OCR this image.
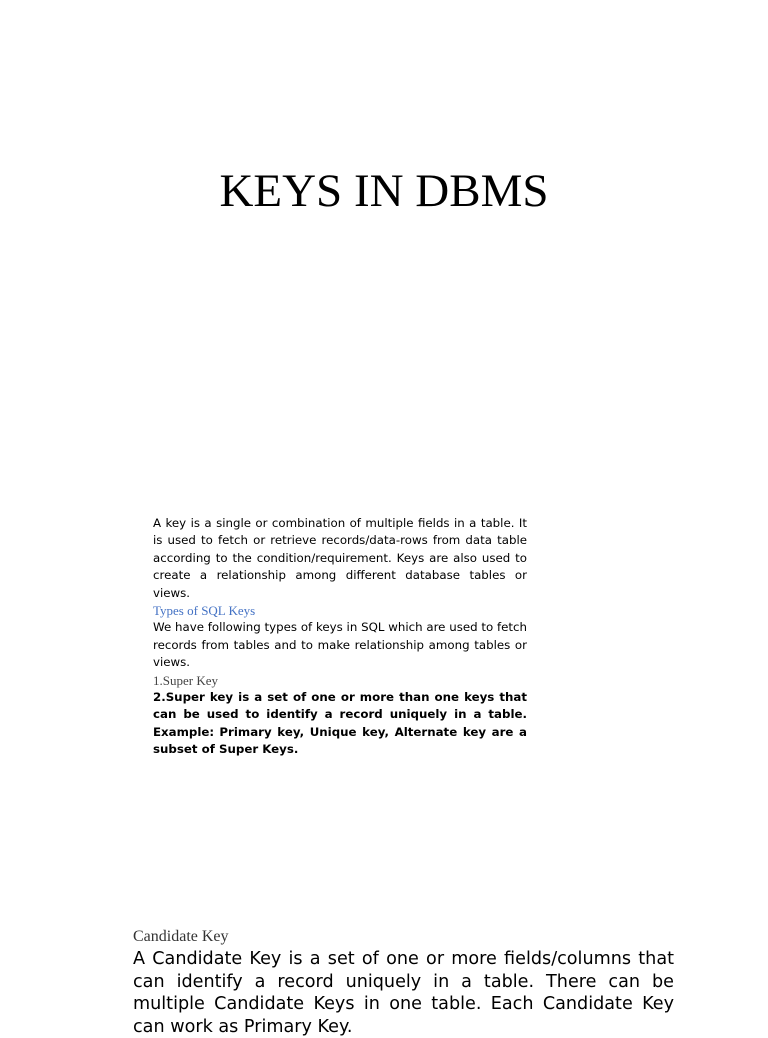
KEYS IN DBMS

A key is a single or combination of multiple fields in a table. It is used to fetch or retrieve records/data-rows from data table according to the condition/requirement. Keys are also used to create a relationship among different database tables or views.

Types of SQL Keys

We have following types of keys in SQL which are used to fetch records from tables and to make relationship among tables or views.

1.Super Key

2.Super key is a set of one or more than one keys that can be used to identify a record uniquely in a table. Example: Primary key, Unique key, Alternate key are a subset of Super Keys.

Candidate Key

A Candidate Key is a set of one or more fields/columns that can identify a record uniquely in a table. There can be multiple Candidate Keys in one table. Each Candidate Key can work as Primary Key.
